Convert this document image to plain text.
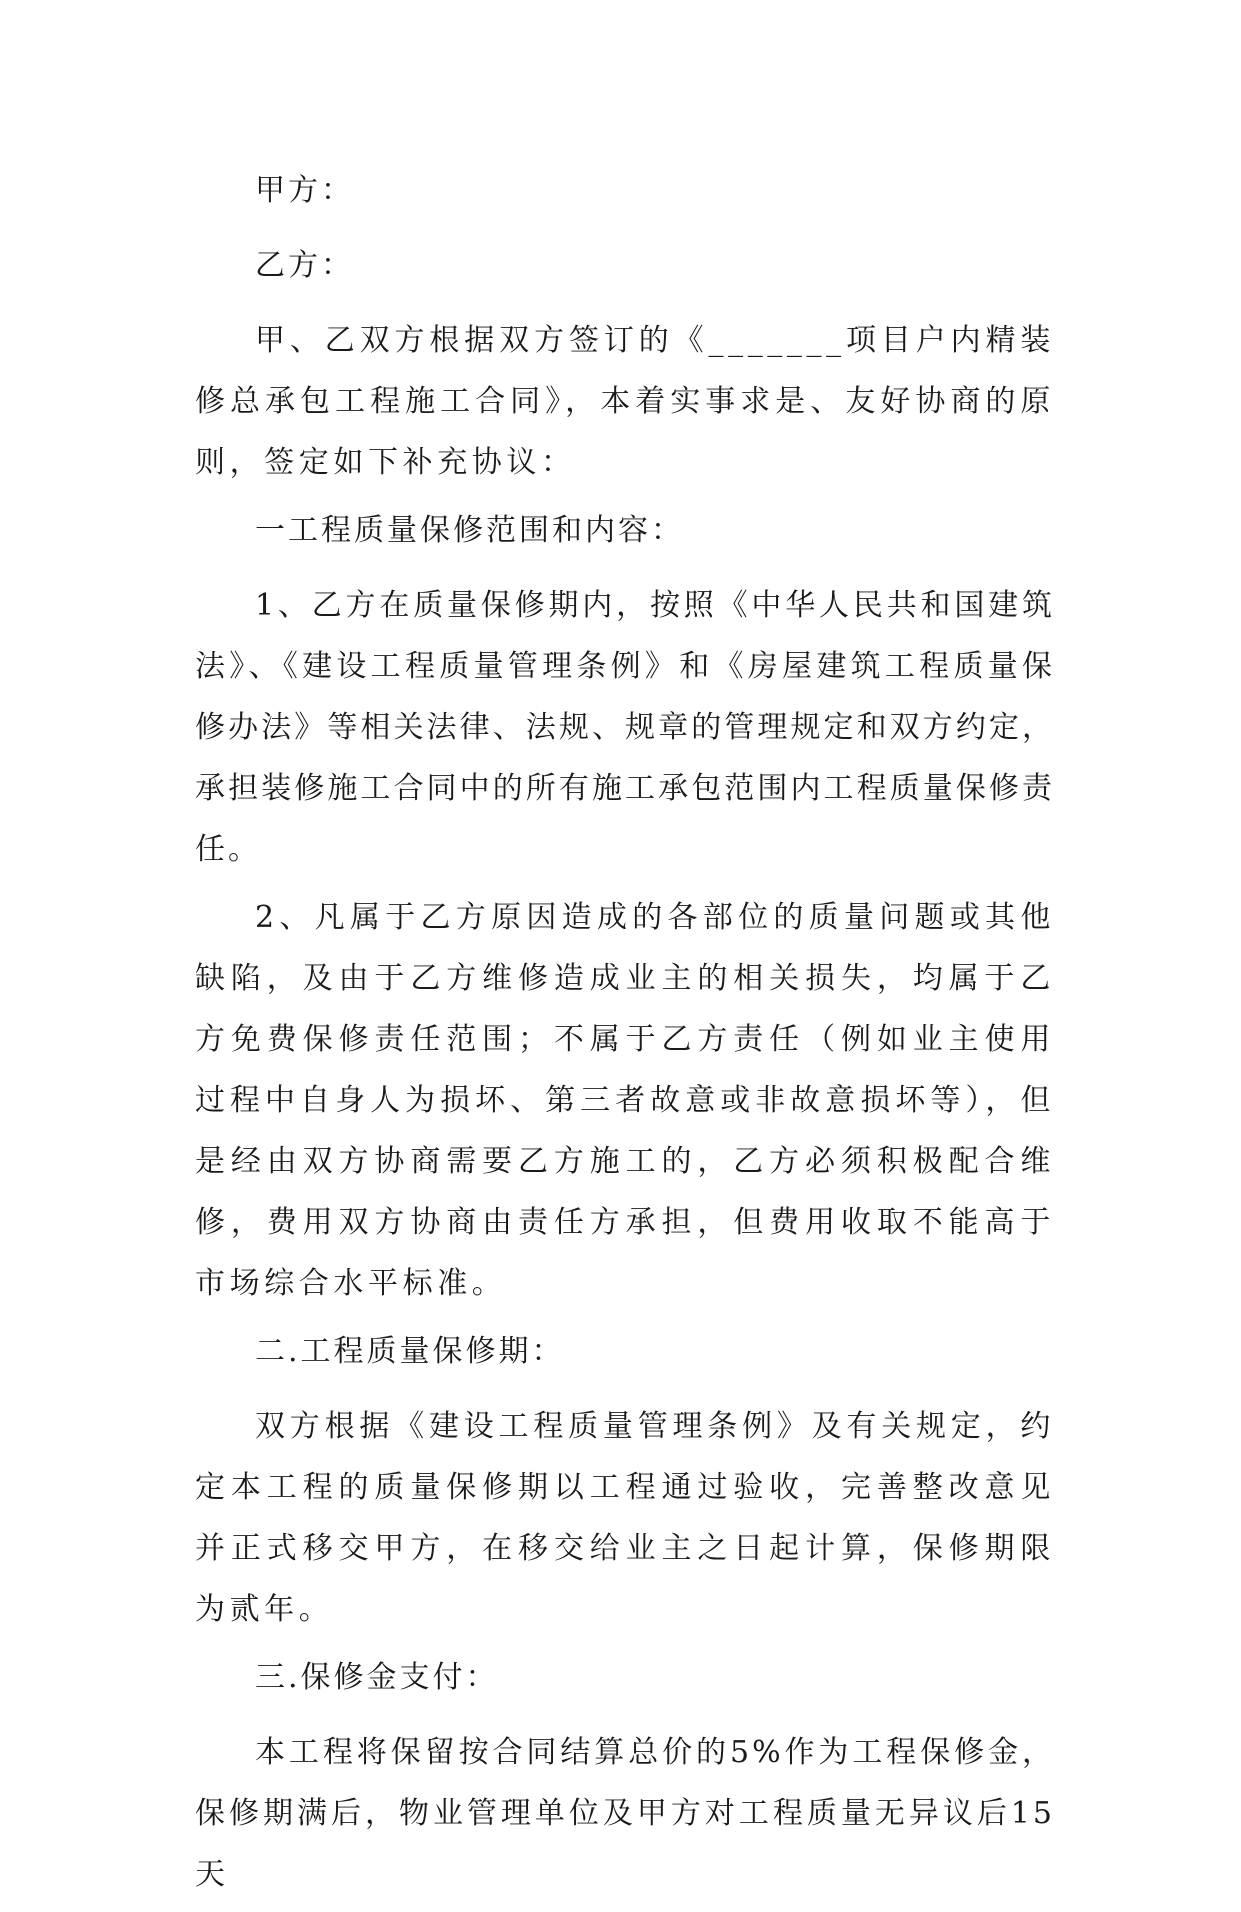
甲方：

乙方：

甲、乙双方根据双方签订的《_______项目户内精装修总承包工程施工合同》，本着实事求是、友好协商的原则，签定如下补充协议：

一工程质量保修范围和内容：

1、乙方在质量保修期内，按照《中华人民共和国建筑法》、《建设工程质量管理条例》和《房屋建筑工程质量保修办法》等相关法律、法规、规章的管理规定和双方约定，承担装修施工合同中的所有施工承包范围内工程质量保修责任。

2、凡属于乙方原因造成的各部位的质量问题或其他缺陷，及由于乙方维修造成业主的相关损失，均属于乙方免费保修责任范围；不属于乙方责任（例如业主使用过程中自身人为损坏、第三者故意或非故意损坏等），但是经由双方协商需要乙方施工的，乙方必须积极配合维修，费用双方协商由责任方承担，但费用收取不能高于市场综合水平标准。

二.工程质量保修期：

双方根据《建设工程质量管理条例》及有关规定，约定本工程的质量保修期以工程通过验收，完善整改意见并正式移交甲方，在移交给业主之日起计算，保修期限为贰年。

三.保修金支付：

本工程将保留按合同结算总价的5%作为工程保修金，保修期满后，物业管理单位及甲方对工程质量无异议后15天
